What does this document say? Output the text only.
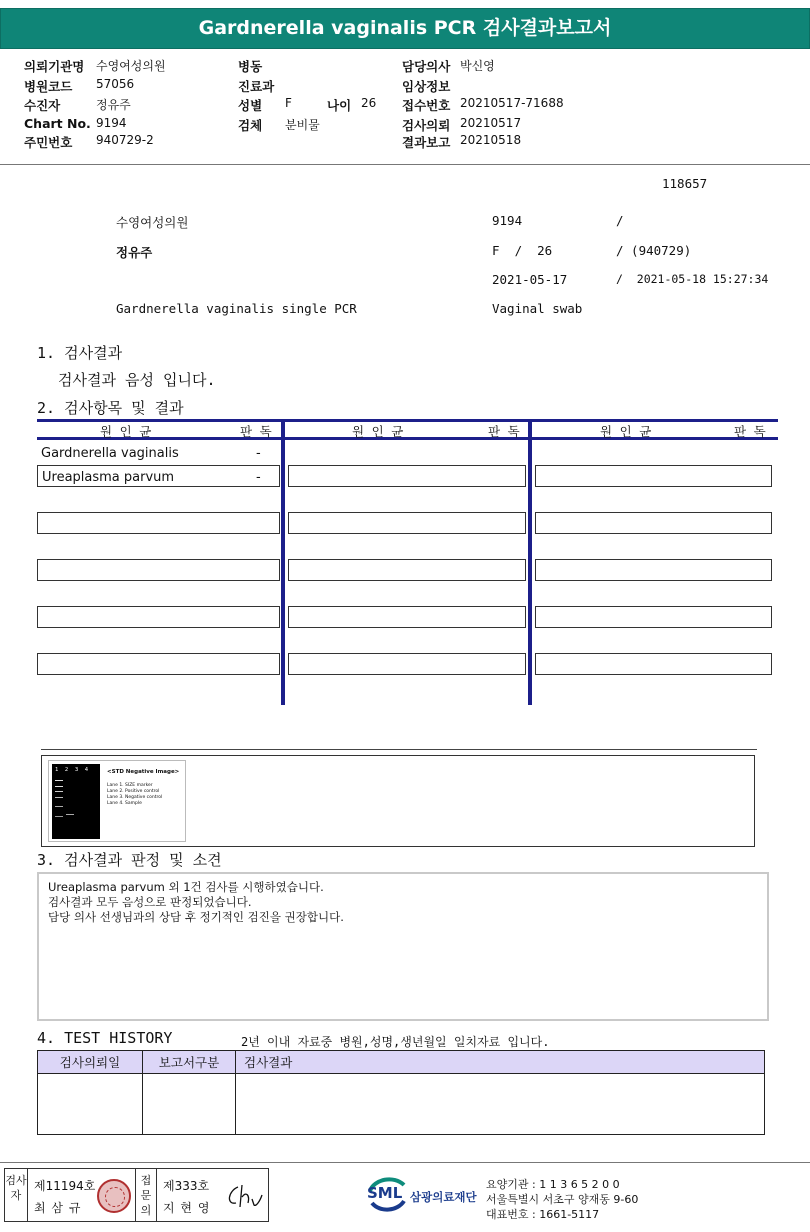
Gardnerella vaginalis PCR 검사결과보고서
의뢰기관명 수영여성의원
병원코드 57056
수진자	정유주
Chart No. 9194
주민번호 940729-2
병동
진료과
성별 F	나이 26
검체 분비물
담당의사 박신영
임상정보
접수번호 20210517-71688
검사의뢰 20210517
결과보고 20210518
118657
수영여성의원	9194	/
정유주	F  /  26	/ (940729)
2021-05-17	/  2021-05-18 15:27:34
Gardnerella vaginalis single PCR	Vaginal swab
1. 검사결과
검사결과 음성 입니다.
2. 검사항목 및 결과
원 인 균	판 독	원 인 균	판 독	원 인 균	판 독
Gardnerella vaginalis	-
Ureaplasma parvum	-
1  2  3  4	<STD Negative Image>
Lane 1. SIZE marker
Lane 2. Positive control
Lane 3. Negative control
Lane 4. Sample
3. 검사결과 판정 및 소견
Ureaplasma parvum 외 1건 검사를 시행하였습니다.
검사결과 모두 음성으로 판정되었습니다.
담당 의사 선생님과의 상담 후 정기적인 검진을 권장합니다.
4. TEST HISTORY	2년 이내 자료중 병원,성명,생년월일 일치자료 입니다.
검사의뢰일	보고서구분	검사결과

검사자
제11194호
최 삼 규
접문의
제333호
지 현 영
SML 삼광의료재단
요양기관 : 1 1 3 6 5 2 0 0
서울특별시 서초구 양재동 9-60
대표번호 : 1661-5117
